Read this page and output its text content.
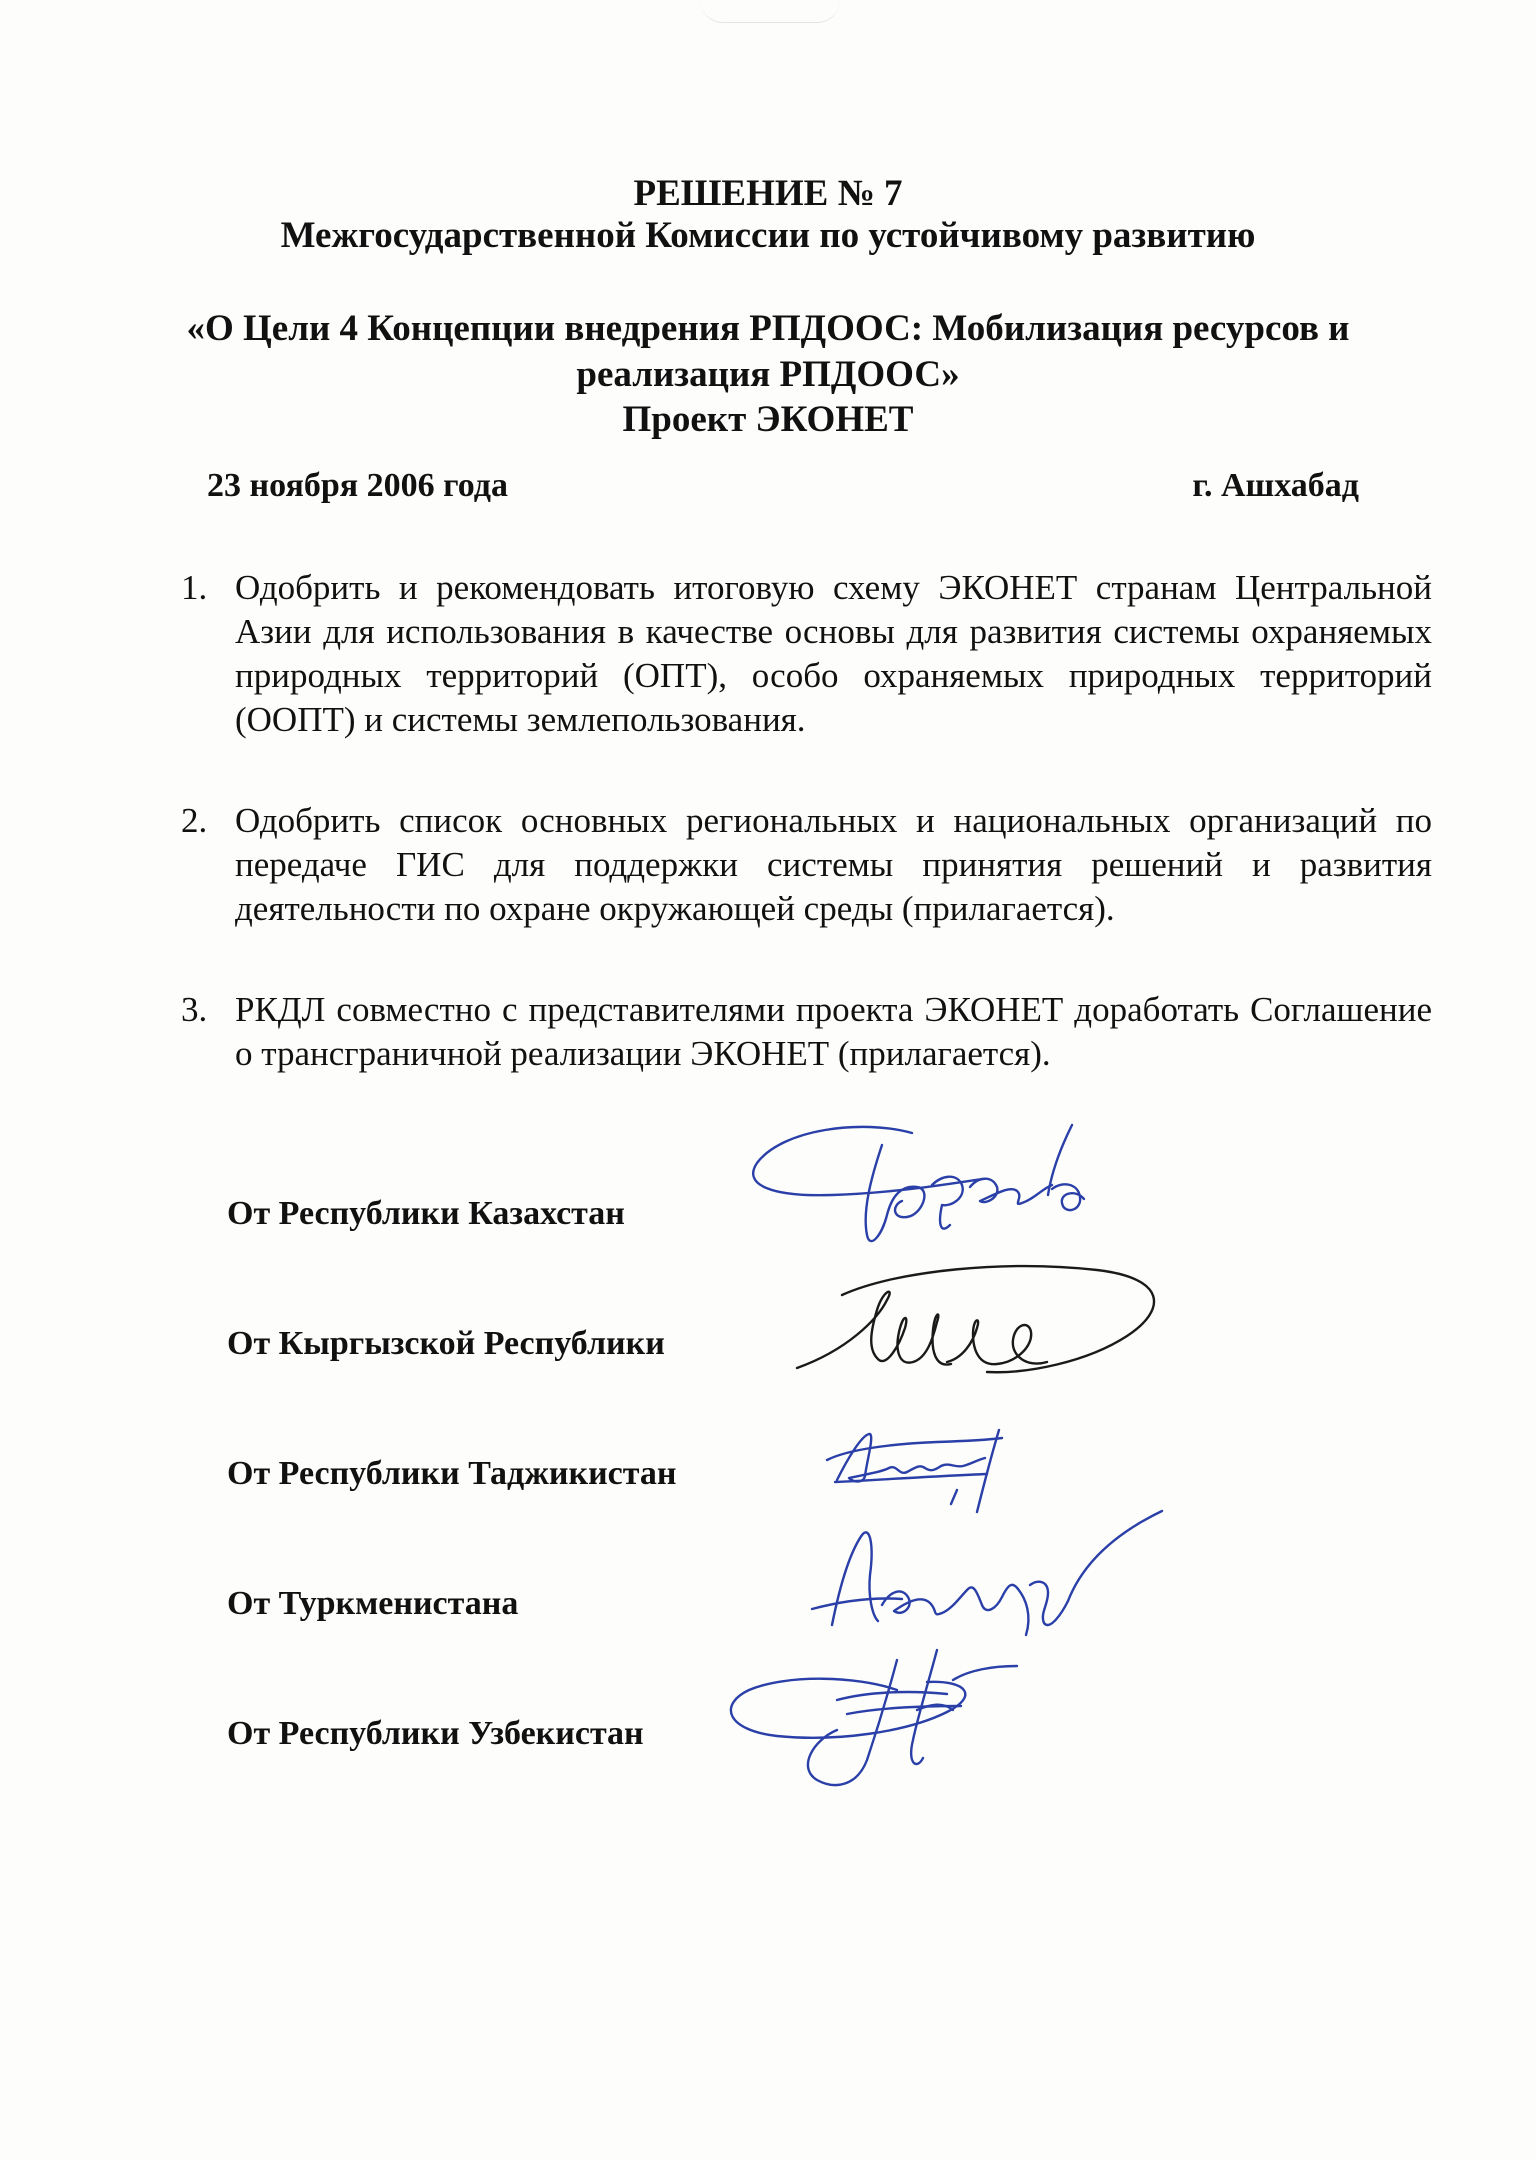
РЕШЕНИЕ № 7
Межгосударственной Комиссии по устойчивому развитию
«О Цели 4 Концепции внедрения РПДООС: Мобилизация ресурсов и
реализация РПДООС»
Проект ЭКОНЕТ
23 ноября 2006 года	г. Ашхабад
1. Одобрить и рекомендовать итоговую схему ЭКОНЕТ странам Центральной Азии для использования в качестве основы для развития системы охраняемых природных территорий (ОПТ), особо охраняемых природных территорий (ООПТ) и системы землепользования.
2. Одобрить список основных региональных и национальных организаций по передаче ГИС для поддержки системы принятия решений и развития деятельности по охране окружающей среды (прилагается).
3. РКДЛ совместно с представителями проекта ЭКОНЕТ доработать Соглашение о трансграничной реализации ЭКОНЕТ (прилагается).
От Республики Казахстан
От Кыргызской Республики
От Республики Таджикистан
От Туркменистана
От Республики Узбекистан
